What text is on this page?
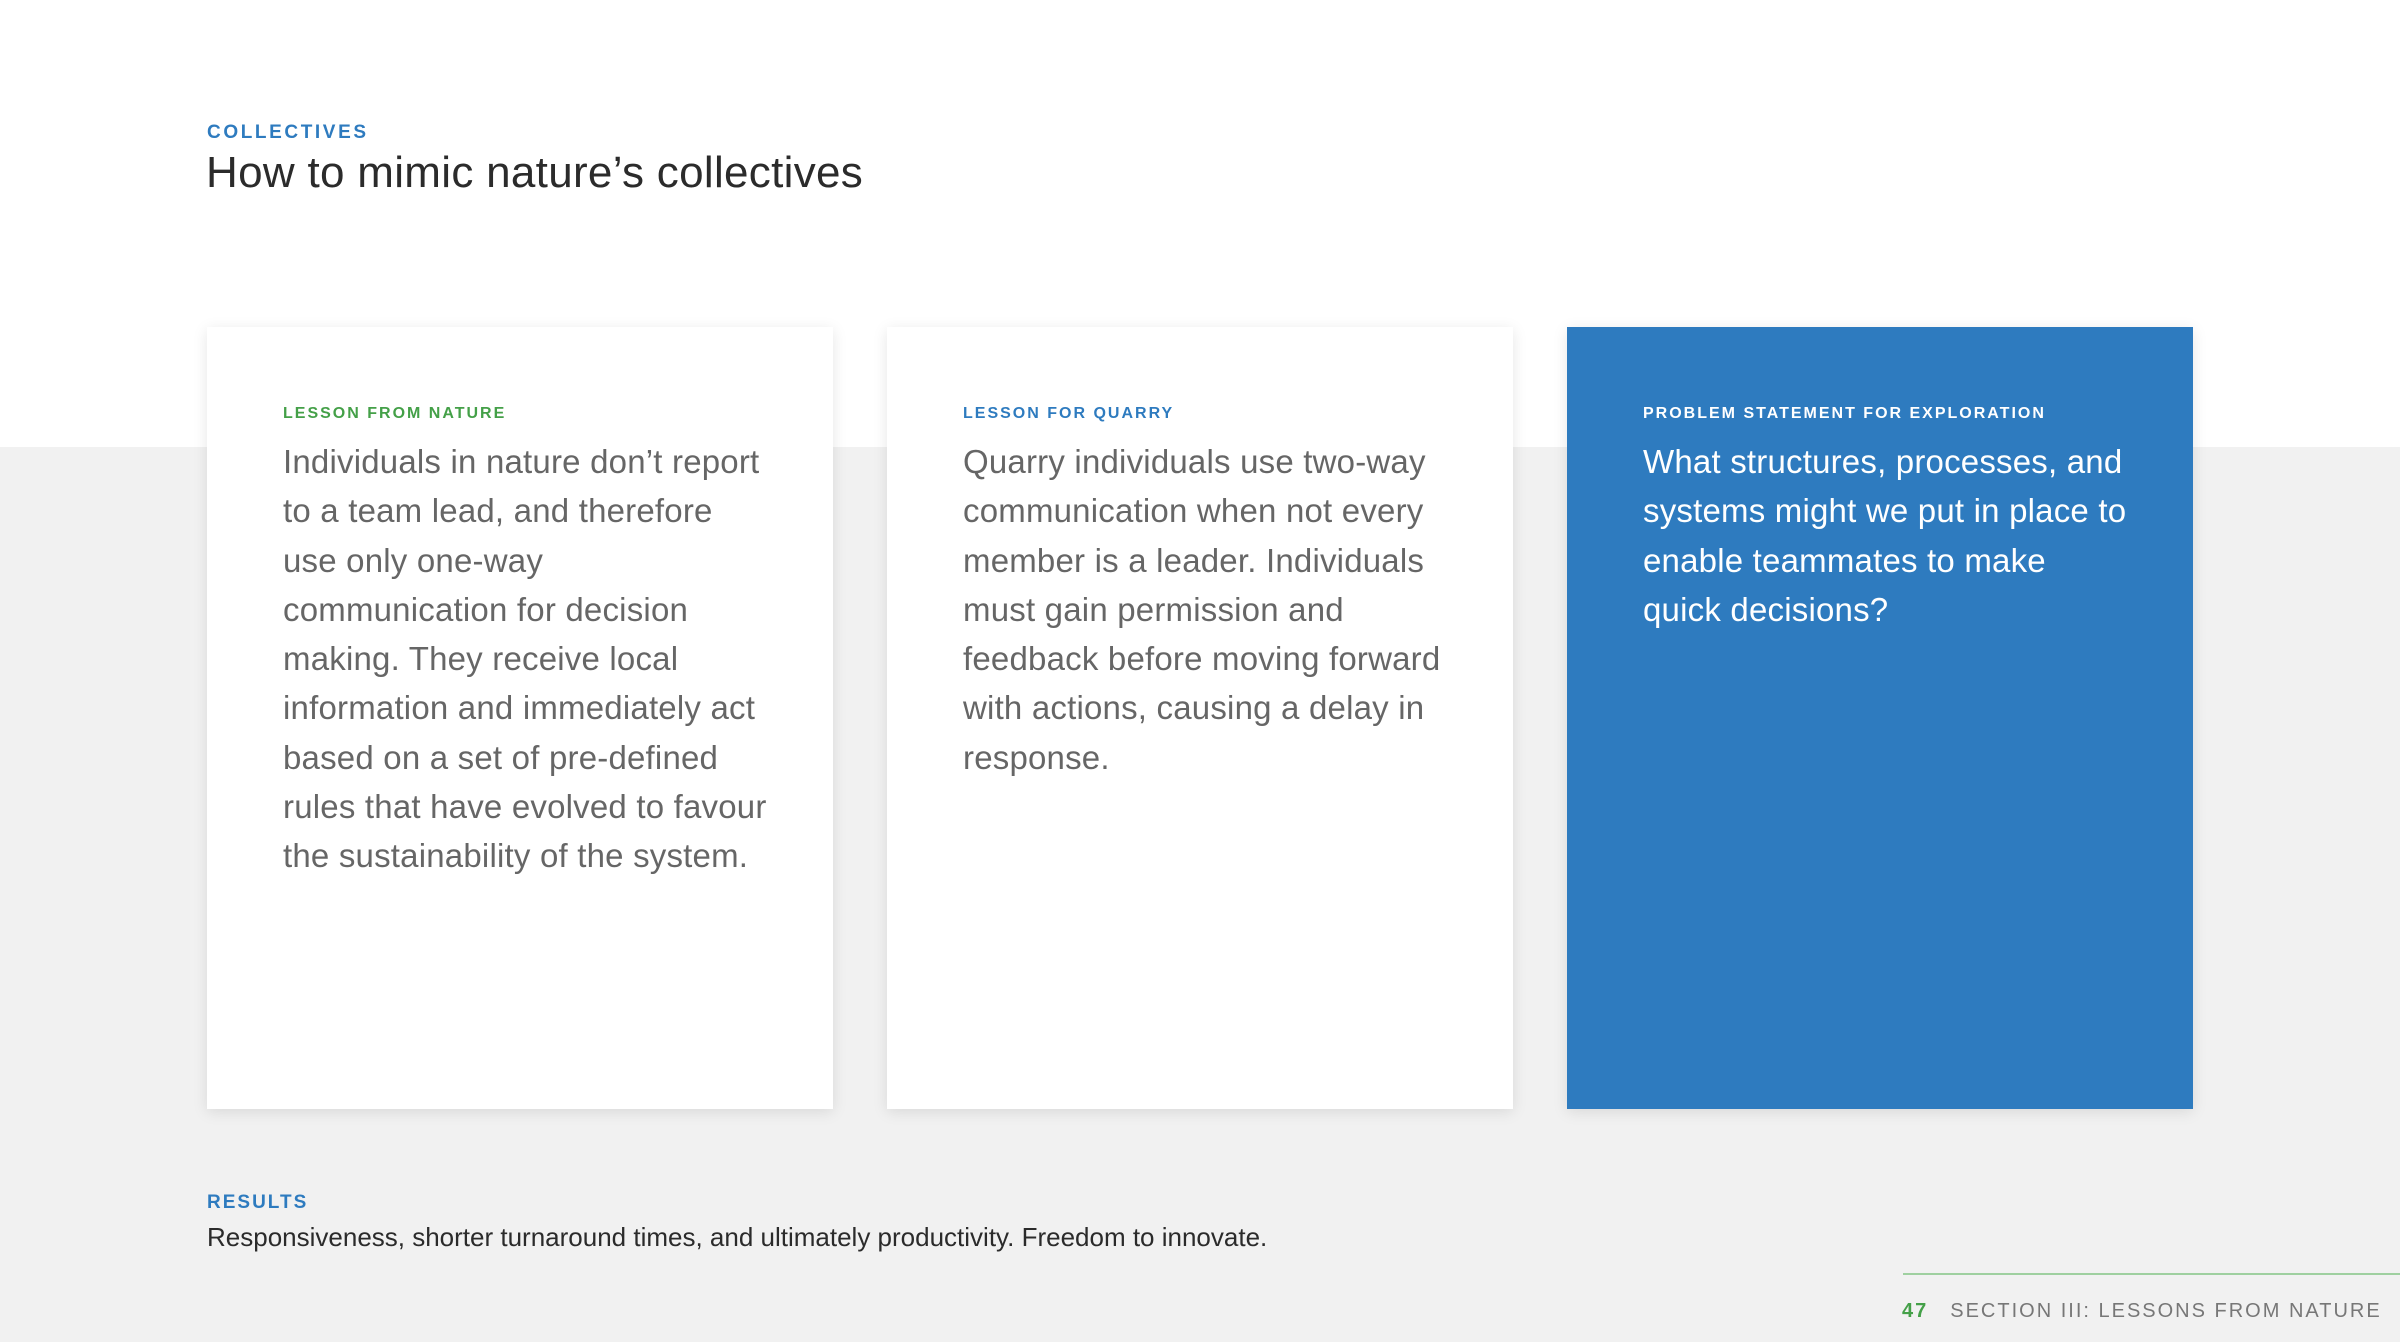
COLLECTIVES
How to mimic nature’s collectives
LESSON FROM NATURE

Individuals in nature don’t report to a team lead, and therefore use only one-way communication for decision making. They receive local information and immediately act based on a set of pre-defined rules that have evolved to favour the sustainability of the system.

LESSON FOR QUARRY

Quarry individuals use two-way communication when not every member is a leader. Individuals must gain permission and feedback before moving forward with actions, causing a delay in response.

PROBLEM STATEMENT FOR EXPLORATION

What structures, processes, and systems might we put in place to enable teammates to make quick decisions?

RESULTS

Responsiveness, shorter turnaround times, and ultimately productivity. Freedom to innovate.

47 SECTION III: LESSONS FROM NATURE
